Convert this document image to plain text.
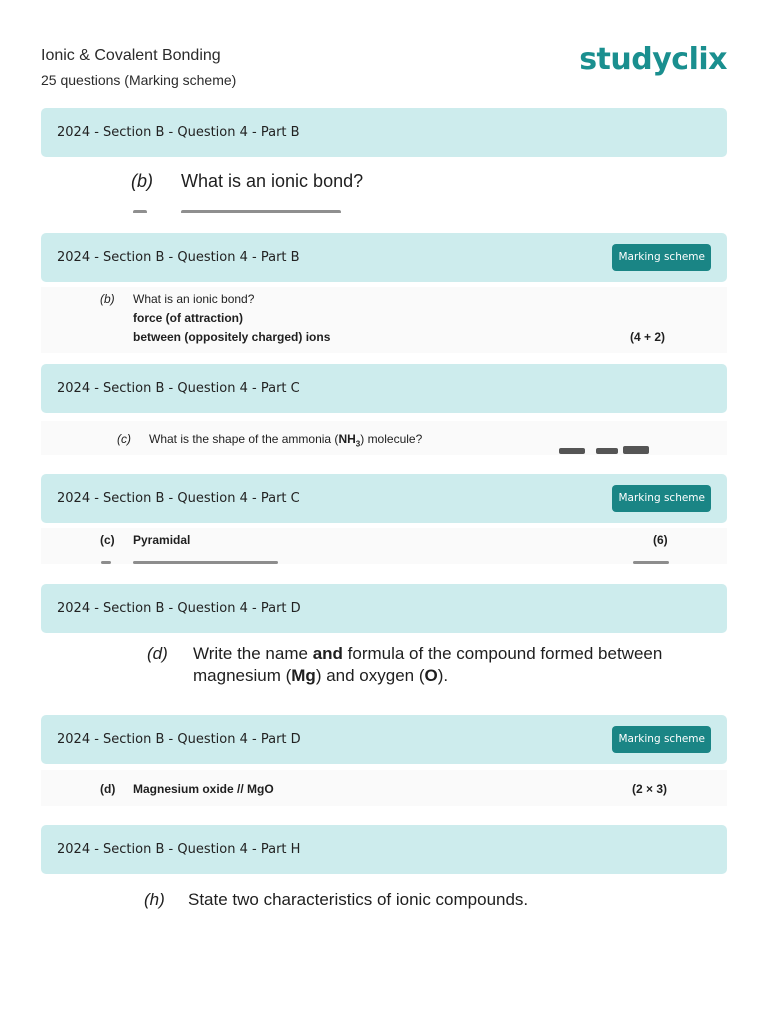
Ionic & Covalent Bonding
25 questions (Marking scheme)
studyclix
2024 - Section B - Question 4 - Part B
(b) What is an ionic bond?
2024 - Section B - Question 4 - Part B	Marking scheme
(b) What is an ionic bond?
force (of attraction)
between (oppositely charged) ions	(4 + 2)
2024 - Section B - Question 4 - Part C
(c) What is the shape of the ammonia $(NH_3)$ molecule?
2024 - Section B - Question 4 - Part C	Marking scheme
(c) Pyramidal	(6)
2024 - Section B - Question 4 - Part D
(d) Write the name and formula of the compound formed between
magnesium (Mg) and oxygen (O).
2024 - Section B - Question 4 - Part D	Marking scheme
(d) Magnesium oxide // MgO	(2 × 3)
2024 - Section B - Question 4 - Part H
(h) State two characteristics of ionic compounds.
